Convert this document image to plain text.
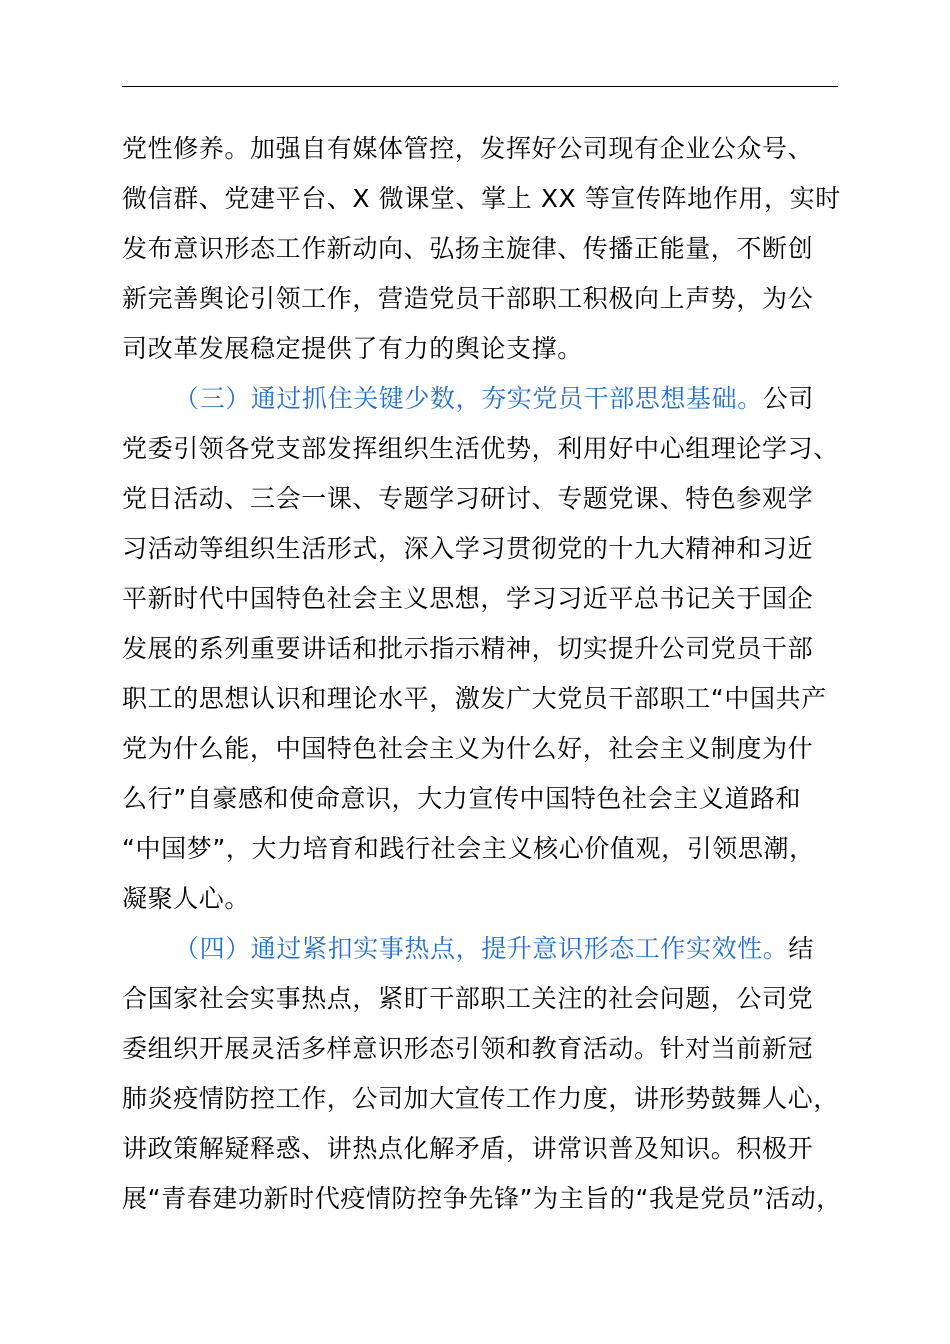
党性修养。加强自有媒体管控，发挥好公司现有企业公众号、
微信群、党建平台、X 微课堂、掌上 XX 等宣传阵地作用，实时
发布意识形态工作新动向、弘扬主旋律、传播正能量，不断创
新完善舆论引领工作，营造党员干部职工积极向上声势，为公
司改革发展稳定提供了有力的舆论支撑。
（三）通过抓住关键少数，夯实党员干部思想基础。公司
党委引领各党支部发挥组织生活优势，利用好中心组理论学习、
党日活动、三会一课、专题学习研讨、专题党课、特色参观学
习活动等组织生活形式，深入学习贯彻党的十九大精神和习近
平新时代中国特色社会主义思想，学习习近平总书记关于国企
发展的系列重要讲话和批示指示精神，切实提升公司党员干部
职工的思想认识和理论水平，激发广大党员干部职工“中国共产
党为什么能，中国特色社会主义为什么好，社会主义制度为什
么行”自豪感和使命意识，大力宣传中国特色社会主义道路和
“中国梦”，大力培育和践行社会主义核心价值观，引领思潮，
凝聚人心。
（四）通过紧扣实事热点，提升意识形态工作实效性。结
合国家社会实事热点，紧盯干部职工关注的社会问题，公司党
委组织开展灵活多样意识形态引领和教育活动。针对当前新冠
肺炎疫情防控工作，公司加大宣传工作力度，讲形势鼓舞人心，
讲政策解疑释惑、讲热点化解矛盾，讲常识普及知识。积极开
展“青春建功新时代疫情防控争先锋”为主旨的“我是党员”活动，
